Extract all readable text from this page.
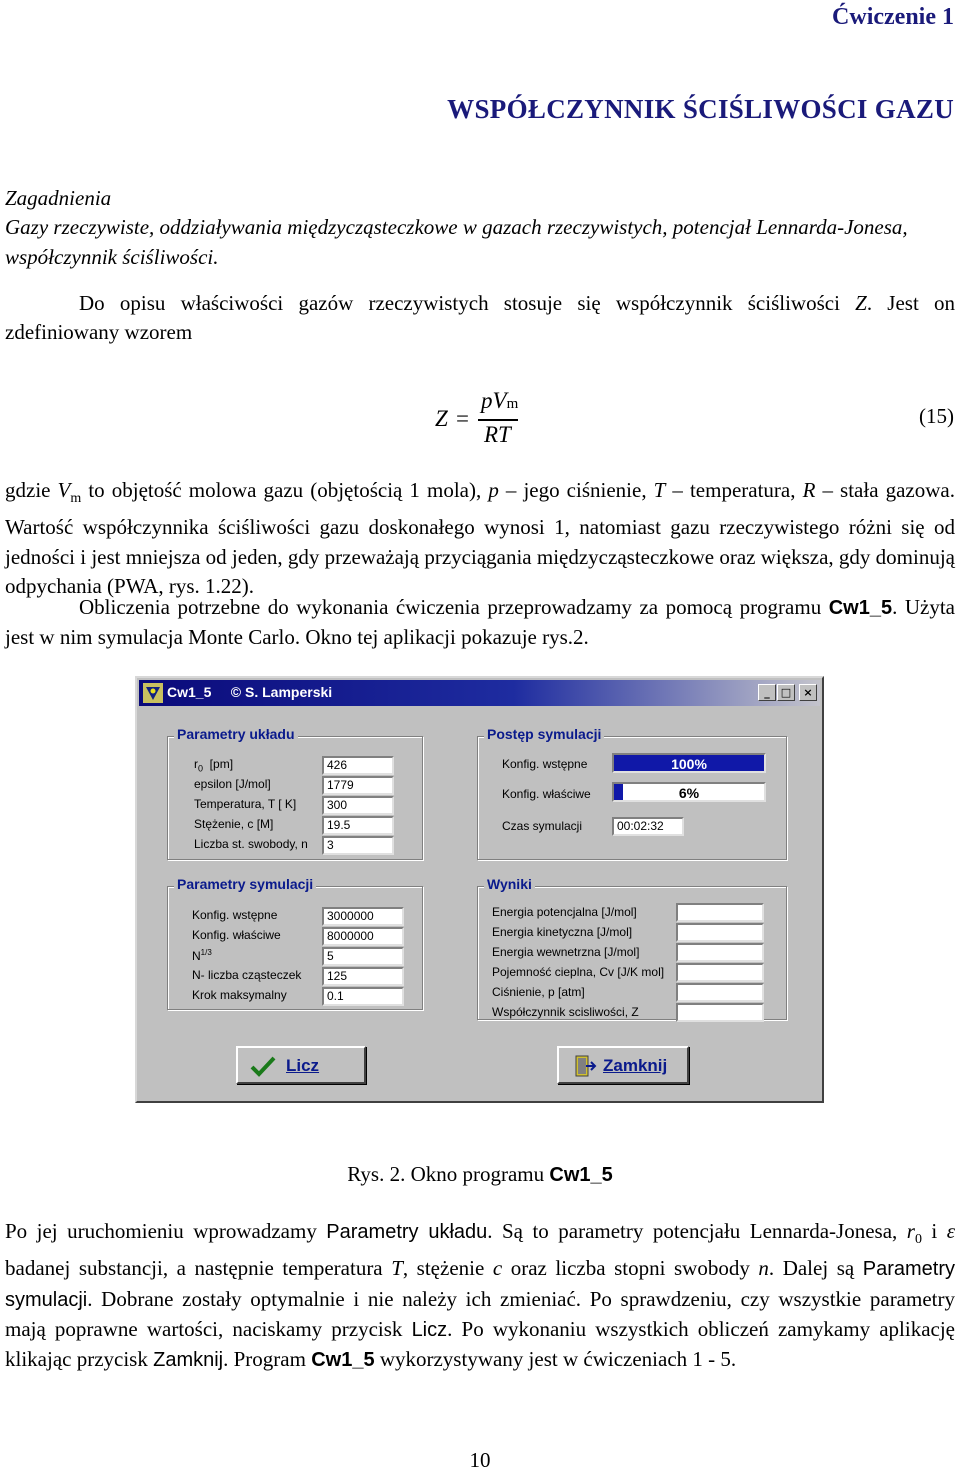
Ćwiczenie 1
WSPÓŁCZYNNIK ŚCIŚLIWOŚCI GAZU
Zagadnienia
Gazy rzeczywiste, oddziaływania międzycząsteczkowe w gazach rzeczywistych, potencjał Lennarda-Jonesa, współczynnik ściśliwości.
Do opisu właściwości gazów rzeczywistych stosuje się współczynnik ściśliwości Z. Jest on zdefiniowany wzorem
Z =
pVm
RT
(15)
gdzie $V_m$ to objętość molowa gazu (objętością 1 mola), p – jego ciśnienie, T – temperatura, R – stała gazowa. Wartość współczynnika ściśliwości gazu doskonałego wynosi 1, natomiast gazu rzeczywistego różni się od jedności i jest mniejsza od jeden, gdy przeważają przyciągania międzycząsteczkowe oraz większa, gdy dominują odpychania (PWA, rys. 1.22).
Obliczenia potrzebne do wykonania ćwiczenia przeprowadzamy za pomocą programu Cw1_5. Użyta jest w nim symulacja Monte Carlo. Okno tej aplikacji pokazuje rys.2.
Cw1_5     © S. Lamperski	_	□	×
Parametry układu
$r_0$  [pm]	426
epsilon [J/mol]	1779
Temperatura, T [ K]	300
Stężenie, c [M]	19.5
Liczba st. swobody, n	3
Postęp symulacji
Konfig. wstępne	100%
Konfig. właściwe	6%
Czas symulacji	00:02:32
Parametry symulacji
Konfig. wstępne	3000000
Konfig. właściwe	8000000
$N^{1/3}$	5
N- liczba cząsteczek	125
Krok maksymalny	0.1
Wyniki
Energia potencjalna [J/mol]
Energia kinetyczna [J/mol]
Energia wewnetrzna [J/mol]
Pojemność cieplna, Cv [J/K mol]
Ciśnienie, p [atm]
Współczynnik scisliwości, Z
Licz	Zamknij
Rys. 2. Okno programu Cw1_5
Po jej uruchomieniu wprowadzamy Parametry układu. Są to parametry potencjału Lennarda-Jonesa, $r_0$ i ε badanej substancji, a następnie temperatura T, stężenie c oraz liczba stopni swobody n. Dalej są Parametry symulacji. Dobrane zostały optymalnie i nie należy ich zmieniać. Po sprawdzeniu, czy wszystkie parametry mają poprawne wartości, naciskamy przycisk Licz. Po wykonaniu wszystkich obliczeń zamykamy aplikację klikając przycisk Zamknij. Program Cw1_5 wykorzystywany jest w ćwiczeniach 1 - 5.
10
